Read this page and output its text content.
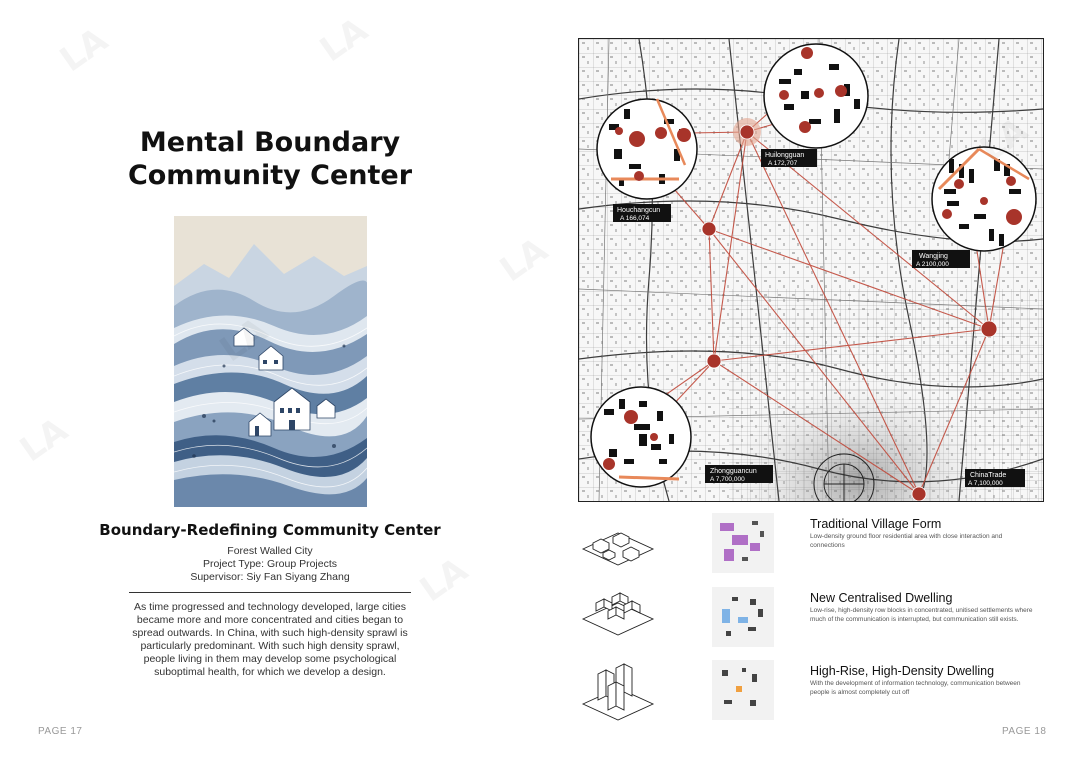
Mental Boundary
Community Center
Boundary-Redefining Community Center
Forest Walled City
Project Type: Group Projects
Supervisor: Siy Fan Siyang Zhang
As time progressed and technology developed, large cities became more and more concentrated and cities began to spread outwards. In China, with such high-density sprawl is particularly predominant. With such high density sprawl, people living in them may develop some psychological suboptimal health, for which we develop a design.
PAGE 17
Houchangcun
A 166,074
Huilongguan
A 172,707
Wangjing
A 2100,000
Zhongguancun
A 7,700,000
ChinaTrade
A 7,100,000
Traditional Village Form
Low-density ground floor residential area with close interaction and connections
New Centralised Dwelling
Low-rise, high-density row blocks in concentrated, unitised settlements where much of the communication is interrupted, but communication still exists.
High-Rise, High-Density Dwelling
With the development of information technology, communication between people is almost completely cut off
PAGE 18
